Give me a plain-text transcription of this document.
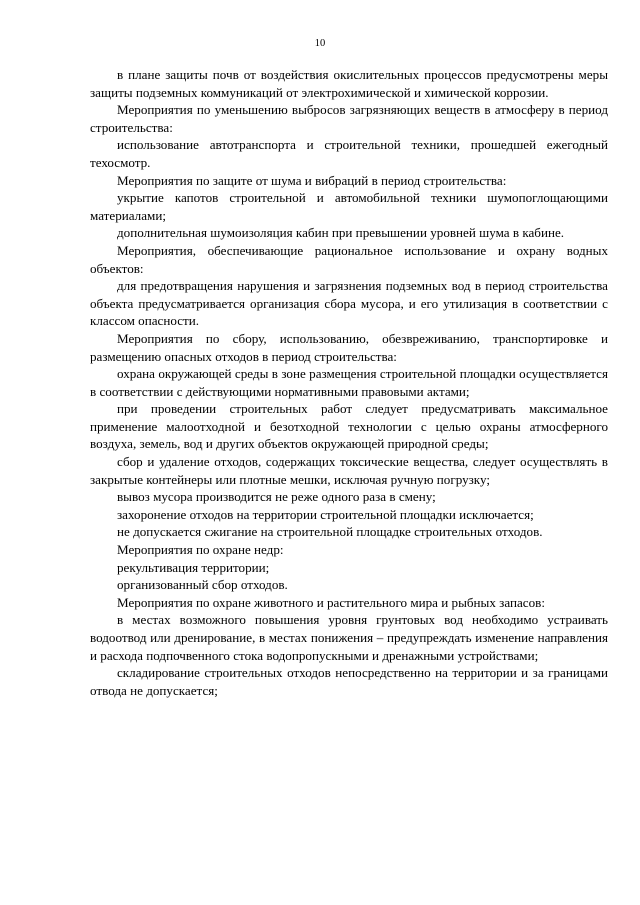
10

в плане защиты почв от воздействия окислительных процессов предусмотрены меры защиты подземных коммуникаций от электрохимической и химической коррозии.

Мероприятия по уменьшению выбросов загрязняющих веществ в атмосферу в период строительства:

использование автотранспорта и строительной техники, прошедшей ежегодный техосмотр.

Мероприятия по защите от шума и вибраций в период строительства:

укрытие капотов строительной и автомобильной техники шумопоглощающими материалами;

дополнительная шумоизоляция кабин при превышении уровней шума в кабине.

Мероприятия, обеспечивающие рациональное использование и охрану водных объектов:

для предотвращения нарушения и загрязнения подземных вод в период строительства объекта предусматривается организация сбора мусора, и его утилизация в соответствии с классом опасности.

Мероприятия по сбору, использованию, обезвреживанию, транспортировке и размещению опасных отходов в период строительства:

охрана окружающей среды в зоне размещения строительной площадки осуществляется в соответствии с действующими нормативными правовыми актами;

при проведении строительных работ следует предусматривать максимальное применение малоотходной и безотходной технологии с целью охраны атмосферного воздуха, земель, вод и других объектов окружающей природной среды;

сбор и удаление отходов, содержащих токсические вещества, следует осуществлять в закрытые контейнеры или плотные мешки, исключая ручную погрузку;

вывоз мусора производится не реже одного раза в смену;

захоронение отходов на территории строительной площадки исключается;

не допускается сжигание на строительной площадке строительных отходов.

Мероприятия по охране недр:

рекультивация территории;

организованный сбор отходов.

Мероприятия по охране животного и растительного мира и рыбных запасов:

в местах возможного повышения уровня грунтовых вод необходимо устраивать водоотвод или дренирование, в местах понижения – предупреждать изменение направления и расхода подпочвенного стока водопропускными и дренажными устройствами;

складирование строительных отходов непосредственно на территории и за границами отвода не допускается;
